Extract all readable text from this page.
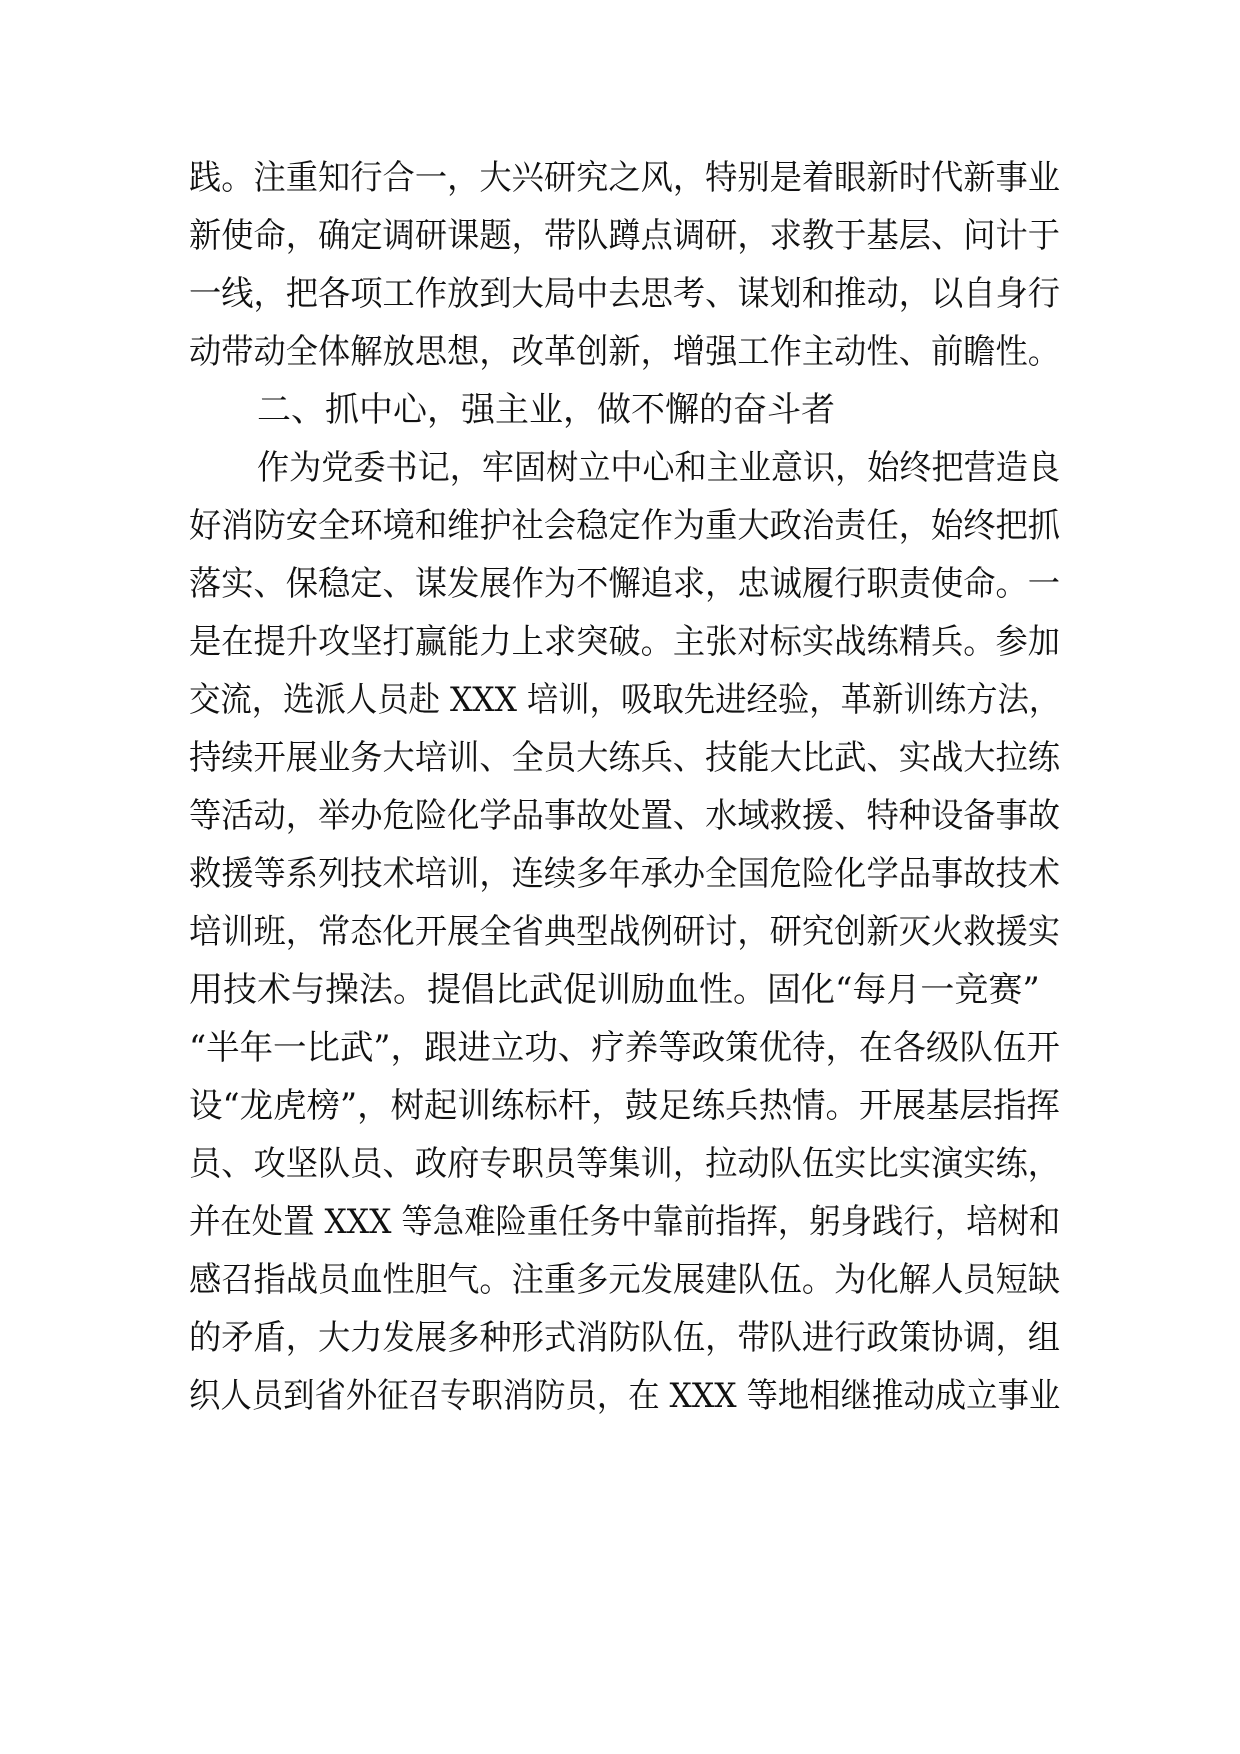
践。注重知行合一，大兴研究之风，特别是着眼新时代新事业
新使命，确定调研课题，带队蹲点调研，求教于基层、问计于
一线，把各项工作放到大局中去思考、谋划和推动，以自身行
动带动全体解放思想，改革创新，增强工作主动性、前瞻性。
二、抓中心，强主业，做不懈的奋斗者
作为党委书记，牢固树立中心和主业意识，始终把营造良
好消防安全环境和维护社会稳定作为重大政治责任，始终把抓
落实、保稳定、谋发展作为不懈追求，忠诚履行职责使命。一
是在提升攻坚打赢能力上求突破。主张对标实战练精兵。参加
交流，选派人员赴 XXX 培训，吸取先进经验，革新训练方法，
持续开展业务大培训、全员大练兵、技能大比武、实战大拉练
等活动，举办危险化学品事故处置、水域救援、特种设备事故
救援等系列技术培训，连续多年承办全国危险化学品事故技术
培训班，常态化开展全省典型战例研讨，研究创新灭火救援实
用技术与操法。提倡比武促训励血性。固化“每月一竞赛”
“半年一比武”，跟进立功、疗养等政策优待，在各级队伍开
设“龙虎榜”，树起训练标杆，鼓足练兵热情。开展基层指挥
员、攻坚队员、政府专职员等集训，拉动队伍实比实演实练，
并在处置 XXX 等急难险重任务中靠前指挥，躬身践行，培树和
感召指战员血性胆气。注重多元发展建队伍。为化解人员短缺
的矛盾，大力发展多种形式消防队伍，带队进行政策协调，组
织人员到省外征召专职消防员，在 XXX 等地相继推动成立事业
